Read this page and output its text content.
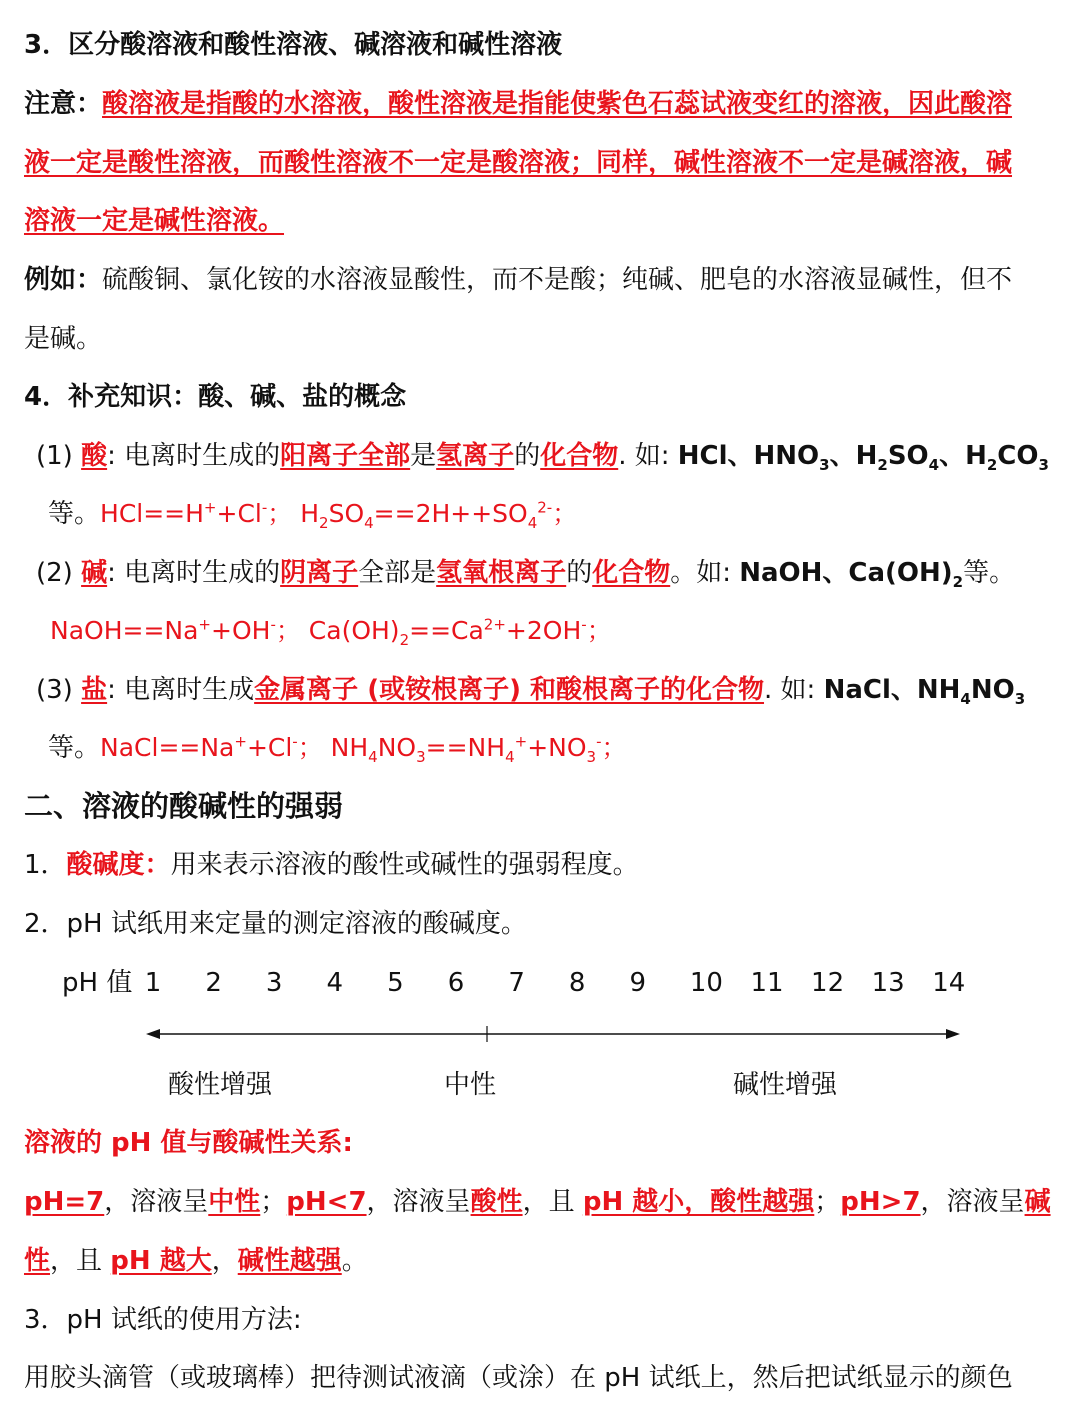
3．区分酸溶液和酸性溶液、碱溶液和碱性溶液
注意：酸溶液是指酸的水溶液，酸性溶液是指能使紫色石蕊试液变红的溶液，因此酸溶
液一定是酸性溶液，而酸性溶液不一定是酸溶液；同样，碱性溶液不一定是碱溶液，碱
溶液一定是碱性溶液。
例如：硫酸铜、氯化铵的水溶液显酸性，而不是酸；纯碱、肥皂的水溶液显碱性，但不
是碱。
4．补充知识：酸、碱、盐的概念
(1) 酸: 电离时生成的阳离子全部是氢离子的化合物. 如: HCl、$HNO_3$、$H_2SO_4$、$H_2CO_3$
等。HCl==H++Cl-； $H_2SO_4==2H++SO_4^{2-}$；
(2) 碱: 电离时生成的阴离子全部是氢氧根离子的化合物。如: NaOH、$Ca(OH)_2$等。
NaOH==Na++OH-； $Ca(OH)_2==Ca^{2+}+2OH^-$；
(3) 盐: 电离时生成金属离子 (或铵根离子) 和酸根离子的化合物. 如: NaCl、$NH_4NO_3$
等。NaCl==Na++Cl-； $NH_4NO_3==NH_4^++NO_3^-$；
二、溶液的酸碱性的强弱
1．酸碱度：用来表示溶液的酸性或碱性的强弱程度。
2．pH 试纸用来定量的测定溶液的酸碱度。
pH 值 1 2 3 4 5 6 7 8 9 10 11 12 13 14
酸性增强	中性	碱性增强
溶液的 pH 值与酸碱性关系:
pH=7，溶液呈中性；pH<7，溶液呈酸性，且 pH 越小，酸性越强；pH>7，溶液呈碱
性，且 pH 越大，碱性越强。
3．pH 试纸的使用方法:
用胶头滴管（或玻璃棒）把待测试液滴（或涂）在 pH 试纸上，然后把试纸显示的颜色
